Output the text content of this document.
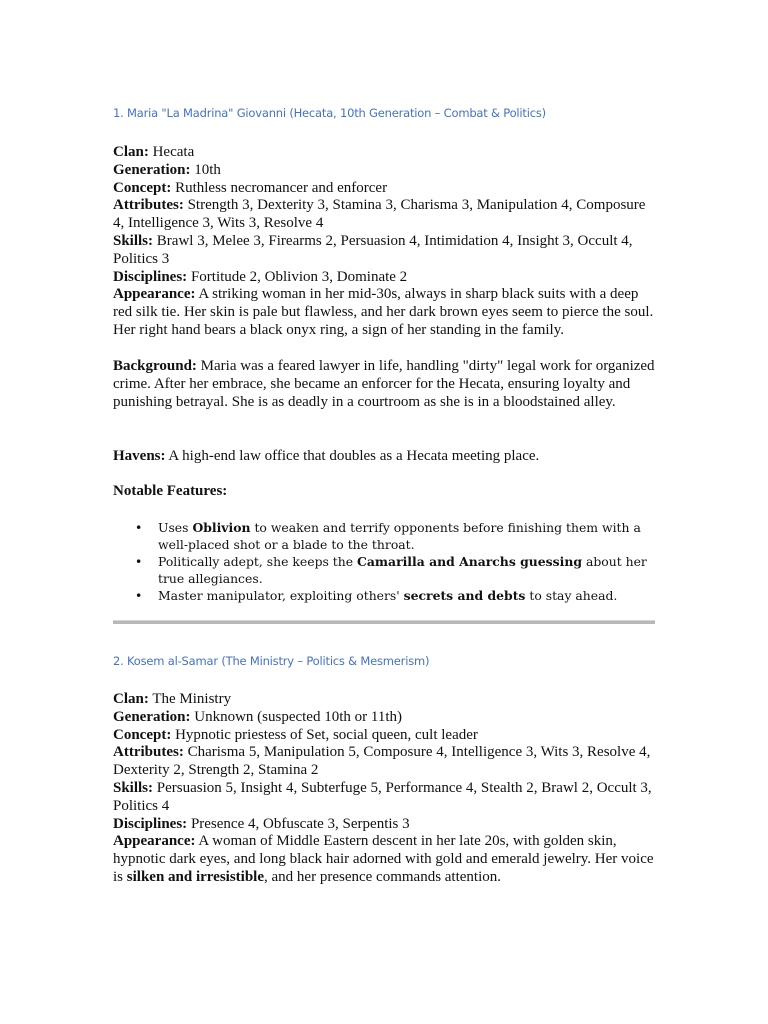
1. Maria "La Madrina" Giovanni (Hecata, 10th Generation – Combat & Politics)

Clan: Hecata

Generation: 10th

Concept: Ruthless necromancer and enforcer

Attributes: Strength 3, Dexterity 3, Stamina 3, Charisma 3, Manipulation 4, Composure 4, Intelligence 3, Wits 3, Resolve 4

Skills: Brawl 3, Melee 3, Firearms 2, Persuasion 4, Intimidation 4, Insight 3, Occult 4, Politics 3

Disciplines: Fortitude 2, Oblivion 3, Dominate 2

Appearance: A striking woman in her mid-30s, always in sharp black suits with a deep red silk tie. Her skin is pale but flawless, and her dark brown eyes seem to pierce the soul. Her right hand bears a black onyx ring, a sign of her standing in the family.

Background: Maria was a feared lawyer in life, handling "dirty" legal work for organized crime. After her embrace, she became an enforcer for the Hecata, ensuring loyalty and punishing betrayal. She is as deadly in a courtroom as she is in a bloodstained alley.

Havens: A high-end law office that doubles as a Hecata meeting place.

Notable Features:

• Uses Oblivion to weaken and terrify opponents before finishing them with a well-placed shot or a blade to the throat.
• Politically adept, she keeps the Camarilla and Anarchs guessing about her true allegiances.
• Master manipulator, exploiting others' secrets and debts to stay ahead.

2. Kosem al-Samar (The Ministry – Politics & Mesmerism)

Clan: The Ministry

Generation: Unknown (suspected 10th or 11th)

Concept: Hypnotic priestess of Set, social queen, cult leader

Attributes: Charisma 5, Manipulation 5, Composure 4, Intelligence 3, Wits 3, Resolve 4, Dexterity 2, Strength 2, Stamina 2

Skills: Persuasion 5, Insight 4, Subterfuge 5, Performance 4, Stealth 2, Brawl 2, Occult 3, Politics 4

Disciplines: Presence 4, Obfuscate 3, Serpentis 3

Appearance: A woman of Middle Eastern descent in her late 20s, with golden skin, hypnotic dark eyes, and long black hair adorned with gold and emerald jewelry. Her voice is silken and irresistible, and her presence commands attention.
